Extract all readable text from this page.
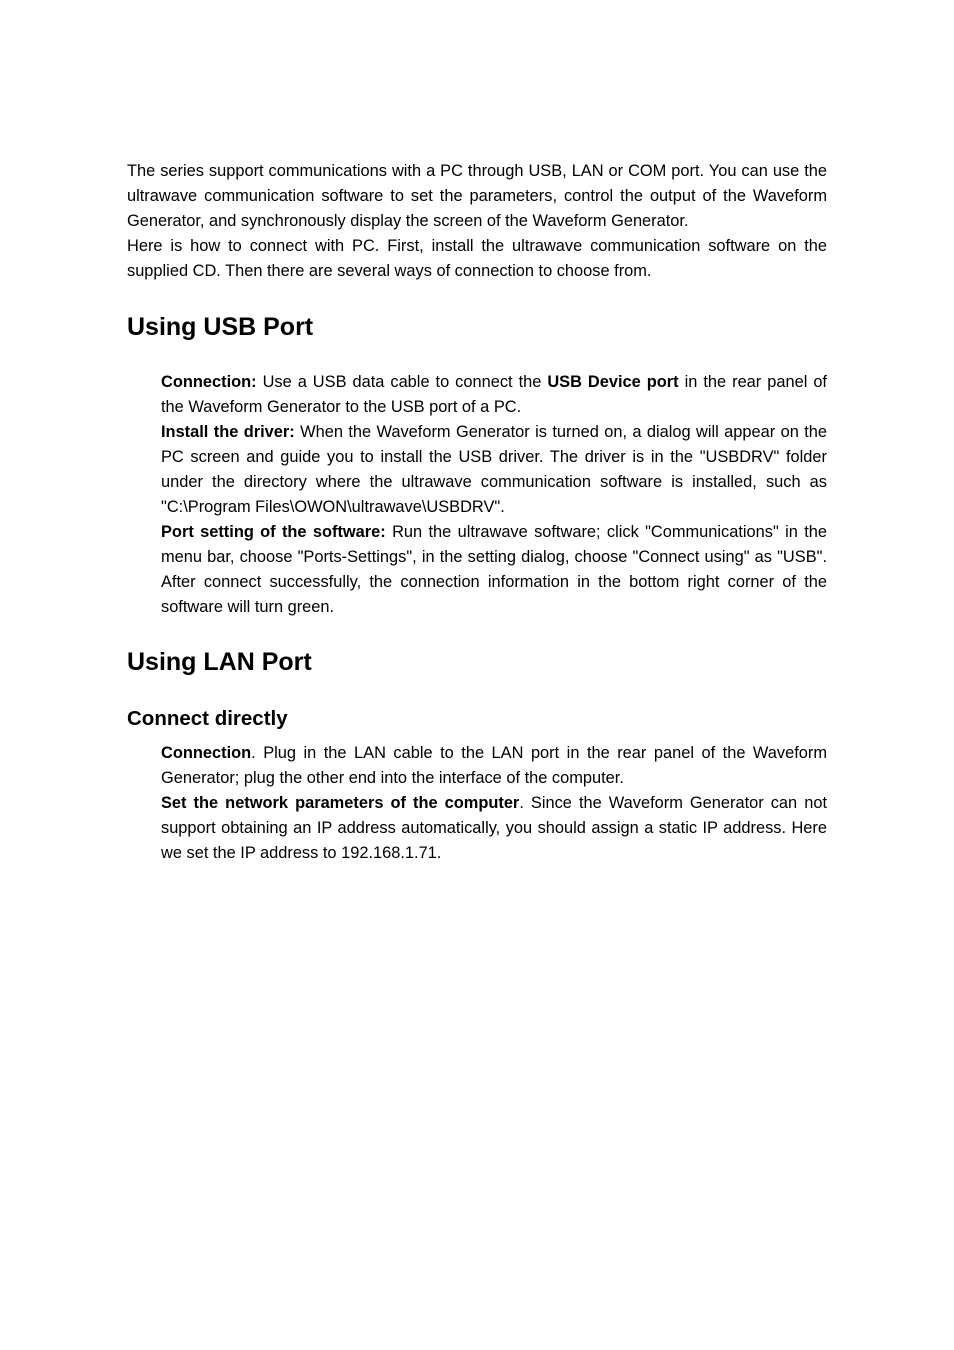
The series support communications with a PC through USB, LAN or COM port. You can use the ultrawave communication software to set the parameters, control the output of the Waveform Generator, and synchronously display the screen of the Waveform Generator.

Here is how to connect with PC. First, install the ultrawave communication software on the supplied CD. Then there are several ways of connection to choose from.

Using USB Port

Connection: Use a USB data cable to connect the USB Device port in the rear panel of the Waveform Generator to the USB port of a PC.

Install the driver: When the Waveform Generator is turned on, a dialog will appear on the PC screen and guide you to install the USB driver. The driver is in the "USBDRV" folder under the directory where the ultrawave communication software is installed, such as "C:\Program Files\OWON\ultrawave\USBDRV".

Port setting of the software: Run the ultrawave software; click "Communications" in the menu bar, choose "Ports-Settings", in the setting dialog, choose "Connect using" as "USB". After connect successfully, the connection information in the bottom right corner of the software will turn green.

Using LAN Port
Connect directly

Connection. Plug in the LAN cable to the LAN port in the rear panel of the Waveform Generator; plug the other end into the interface of the computer.

Set the network parameters of the computer. Since the Waveform Generator can not support obtaining an IP address automatically, you should assign a static IP address. Here we set the IP address to 192.168.1.71.
